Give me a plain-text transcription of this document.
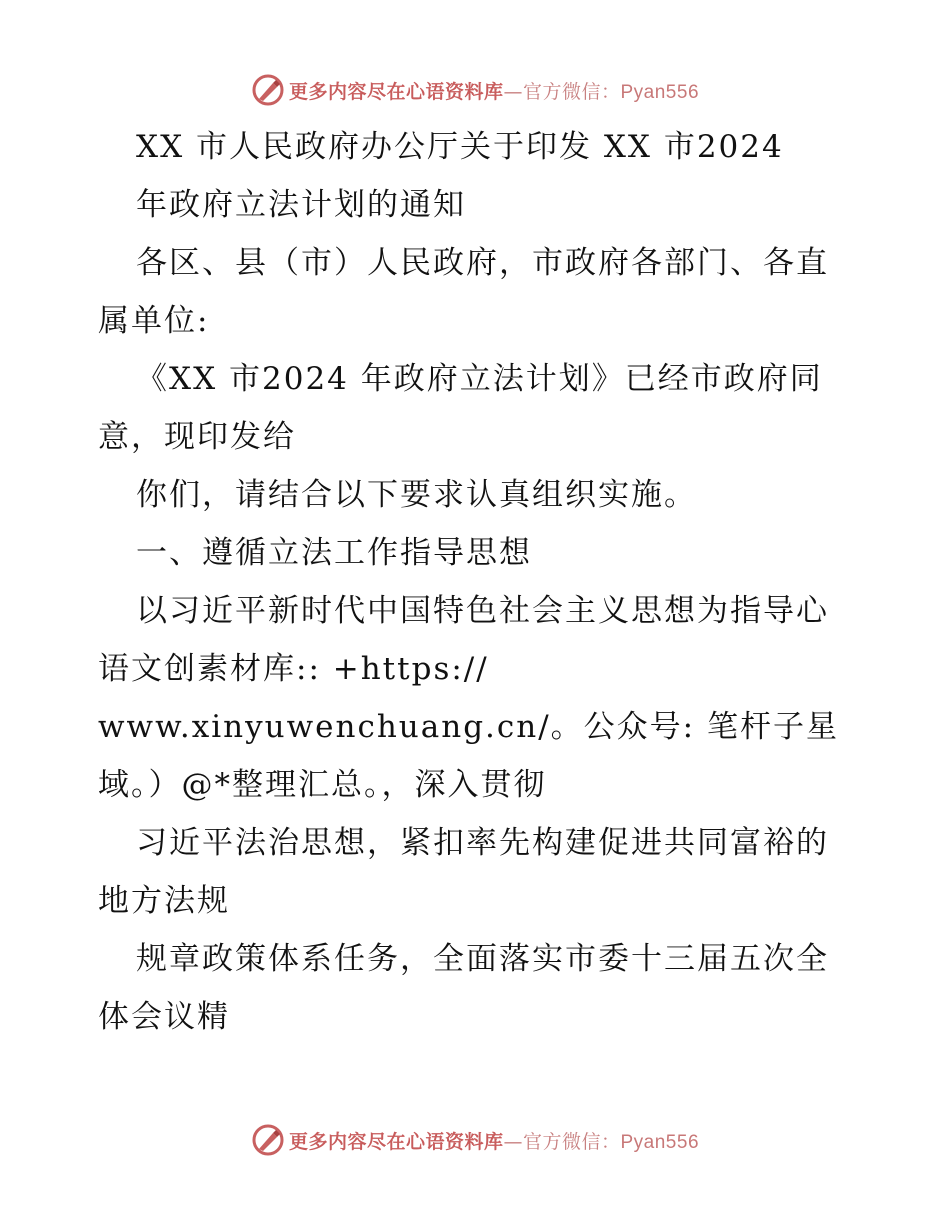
更多内容尽在心语资料库—官方微信：Pyan556
XX 市人民政府办公厅关于印发 XX 市2024
年政府立法计划的通知
各区、县（市）人民政府，市政府各部门、各直
属单位:
《XX 市2024 年政府立法计划》已经市政府同
意，现印发给
你们，请结合以下要求认真组织实施。
一、遵循立法工作指导思想
以习近平新时代中国特色社会主义思想为指导心
语文创素材库:: +https://
www.xinyuwenchuang.cn/。公众号: 笔杆子星
域。）@*整理汇总。，深入贯彻
习近平法治思想，紧扣率先构建促进共同富裕的
地方法规
规章政策体系任务，全面落实市委十三届五次全
体会议精
更多内容尽在心语资料库—官方微信：Pyan556
